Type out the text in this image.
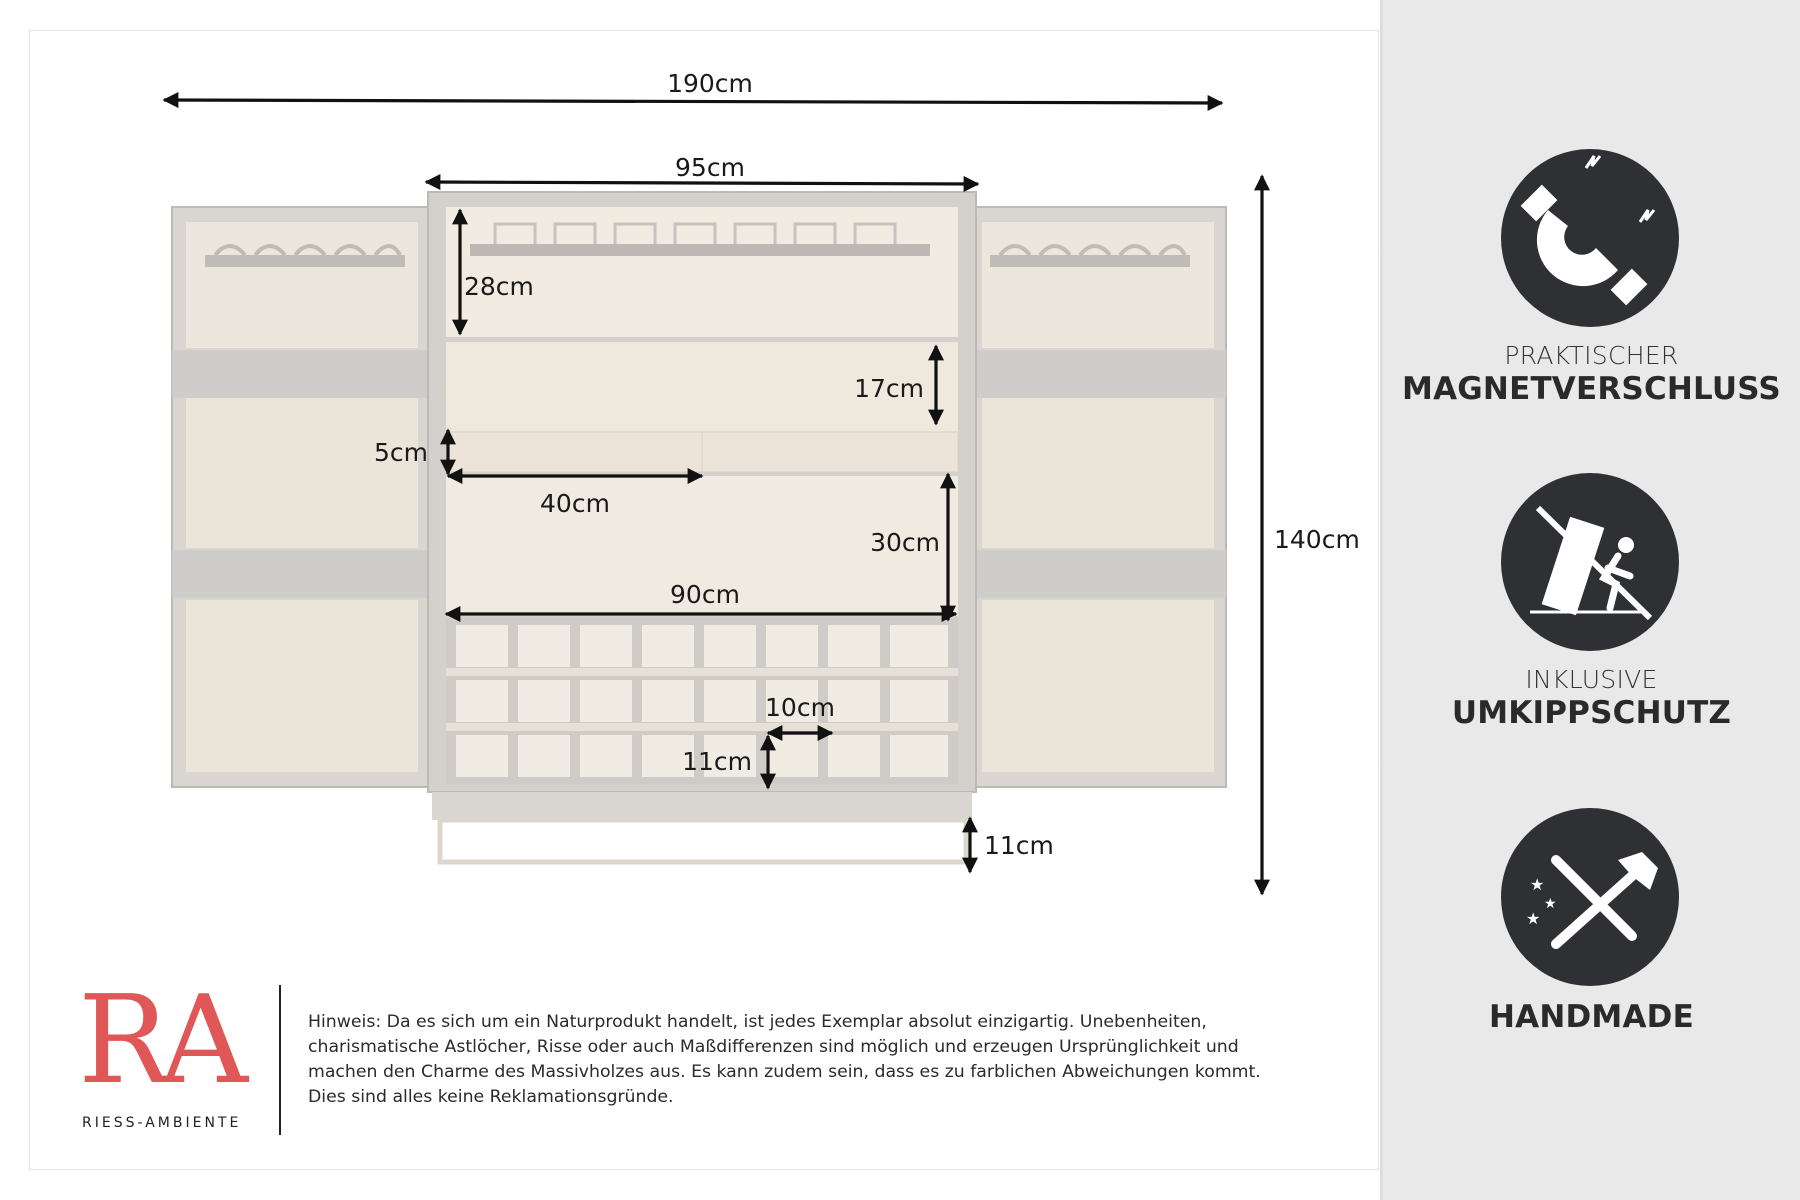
190cm
95cm
28cm
17cm
5cm
40cm
30cm
90cm
10cm
11cm
11cm
140cm
★
★
★

PRAKTISCHER

MAGNETVERSCHLUSS

INKLUSIVE

UMKIPPSCHUTZ

HANDMADE

RA
RIESS-AMBIENTE

Hinweis: Da es sich um ein Naturprodukt handelt, ist jedes Exemplar absolut einzigartig. Unebenheiten, charismatische Astlöcher, Risse oder auch Maßdifferenzen sind möglich und erzeugen Ursprünglichkeit und machen den Charme des Massivholzes aus. Es kann zudem sein, dass es zu farblichen Abweichungen kommt. Dies sind alles keine Reklamationsgründe.
